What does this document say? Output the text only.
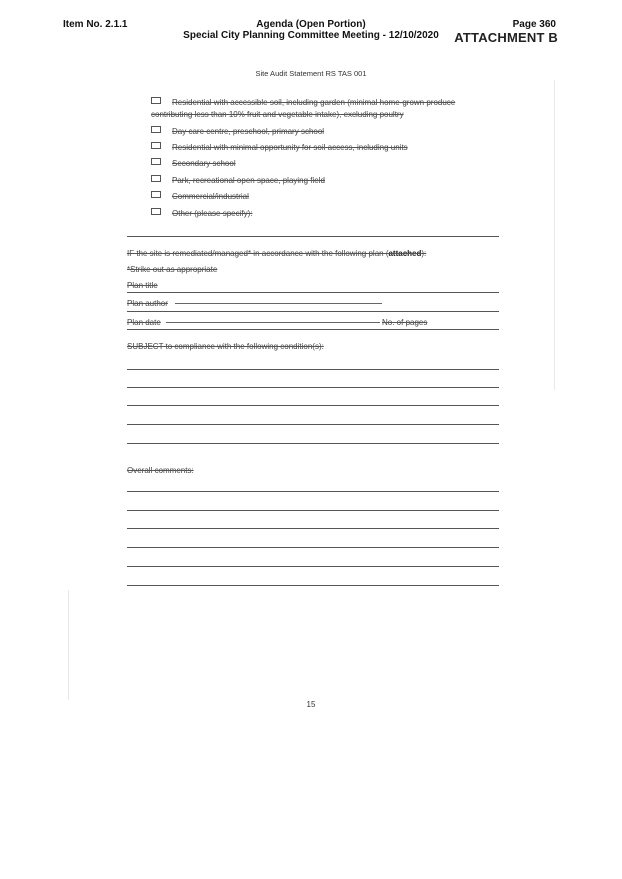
Item No. 2.1.1	Agenda (Open Portion)
Special City Planning Committee Meeting - 12/10/2020
Page 360
ATTACHMENT B
Site Audit Statement RS TAS 001
Residential with accessible soil, including garden (minimal home-grown produce
contributing less than 10% fruit and vegetable intake), excluding poultry
Day care centre, preschool, primary school
Residential with minimal opportunity for soil access, including units
Secondary school
Park, recreational open space, playing field
Commercial/industrial
Other (please specify):
IF the site is remediated/managed* in accordance with the following plan (attached):
*Strike out as appropriate
Plan title
Plan author
Plan date	No. of pages
SUBJECT to compliance with the following condition(s):
Overall comments:
15
